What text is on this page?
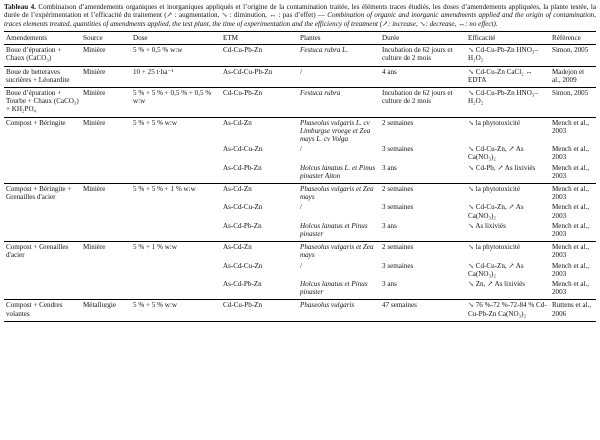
Tableau 4. Combinaison d’amendements organiques et inorganiques appliqués et l’origine de la contamination traitée, les éléments traces étudiés, les doses d’amendements appliquées, la plante testée, la durée de l’expérimentation et l’efficacité du traitement (↗ : augmentation, ↘ : diminution, ↔ : pas d’effet) — Combination of organic and inorganic amendments applied and the origin of contamination, traces elements treated, quantities of amendments applied, the test plant, the time of experimentation and the efficiency of treatment (↗: increase, ↘: decrease, ↔: no effect).

Amendements	Source	Dose	ETM	Plantes	Durée	Efficacité	Référence
Boue d’épuration + Chaux (CaCO₃)	Minière	5 % + 0,5 % w:w	Cd-Cu-Pb-Zn	Festuca rubra L.	Incubation de 62 jours et culture de 2 mois	↘ Cd-Cu-Pb-Zn HNO₃–H₂O₂	Simon, 2005
Boue de betteraves sucrières + Léonardite	Minière	10 + 25 t·ha⁻¹	As-Cd-Cu-Pb-Zn	/	4 ans	↘ Cd-Cu-Zn CaCl₂ ↔ EDTA	Madejon et al., 2009
Boue d’épuration + Tourbe + Chaux (CaCO₃) + KH₂PO₄	Minière	5 % + 5 % + 0,5 % + 0,5 % w:w	Cd-Cu-Pb-Zn	Festuca rubra	Incubation de 62 jours et culture de 2 mois	↘ Cd-Cu-Pb-Zn HNO₃–H₂O₂	Simon, 2005
Compost + Béringite	Minière	5 % + 5 % w:w	As-Cd-Zn	Phaseolus vulgaris L. cv Limburgse vroege et Zea mays L. cv Volga	2 semaines	↘ la phytotoxicité	Mench et al., 2003
			As-Cd-Cu-Zn	/	3 semaines	↘ Cd-Cu-Zn, ↗ As Ca(NO₃)₂	Mench et al., 2003
			As-Cd-Pb-Zn	Holcus lanatus L. et Pinus pinaster Aiton	3 ans	↘ Cd-Pb, ↗ As lixiviés	Mench et al., 2003
Compost + Béringite + Grenailles d'acier	Minière	5 % + 5 % + 1 % w:w	As-Cd-Zn	Phaseolus vulgaris et Zea mays	2 semaines	↘ la phytotoxicité	Mench et al., 2003
			As-Cd-Cu-Zn	/	3 semaines	↘ Cd-Cu-Zn, ↗ As Ca(NO₃)₂	Mench et al., 2003
			As-Cd-Pb-Zn	Holcus lanatus et Pinus pinaster	3 ans	↘ As lixiviés	Mench et al., 2003
Compost + Grenailles d'acier	Minière	5 % + 1 % w:w	As-Cd-Zn	Phaseolus vulgaris et Zea mays	2 semaines	↘ la phytotoxicité	Mench et al., 2003
			As-Cd-Cu-Zn	/	3 semaines	↘ Cd-Cu-Zn, ↗ As Ca(NO₃)₂	Mench et al., 2003
			As-Cd-Pb-Zn	Holcus lanatus et Pinus pinaster	3 ans	↘ Zn, ↗ As lixiviés	Mench et al., 2003
Compost + Cendres volantes	Métallurgie	5 % + 5 % w:w	Cd-Cu-Pb-Zn	Phaseolus vulgaris	47 semaines	↘ 76 %-72 %-72-84 % Cd-Cu-Pb-Zn Ca(NO₃)₂	Ruttens et al., 2006
